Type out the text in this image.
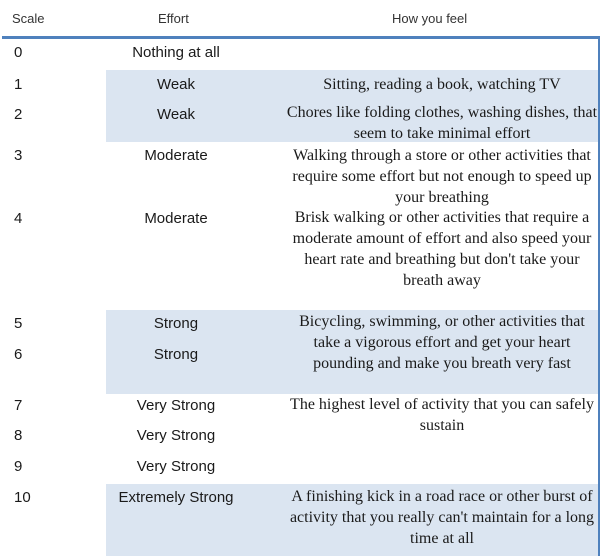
Scale	Effort	How you feel
0
1
2
3
4
5
6
7
8
9
10
Nothing at all
Weak
Weak
Moderate
Moderate
Strong
Strong
Very Strong
Very Strong
Very Strong
Extremely Strong
Sitting, reading a book, watching TV
Chores like folding clothes, washing dishes, that seem to take minimal effort
Walking through a store or other activities that require some effort but not enough to speed up your breathing
Brisk walking or other activities that require a moderate amount of effort and also speed your heart rate and breathing but don't take your breath away
Bicycling, swimming, or other activities that take a vigorous effort and get your heart pounding and make you breath very fast
The highest level of activity that you can safely sustain
A finishing kick in a road race or other burst of activity that you really can't maintain for a long time at all
